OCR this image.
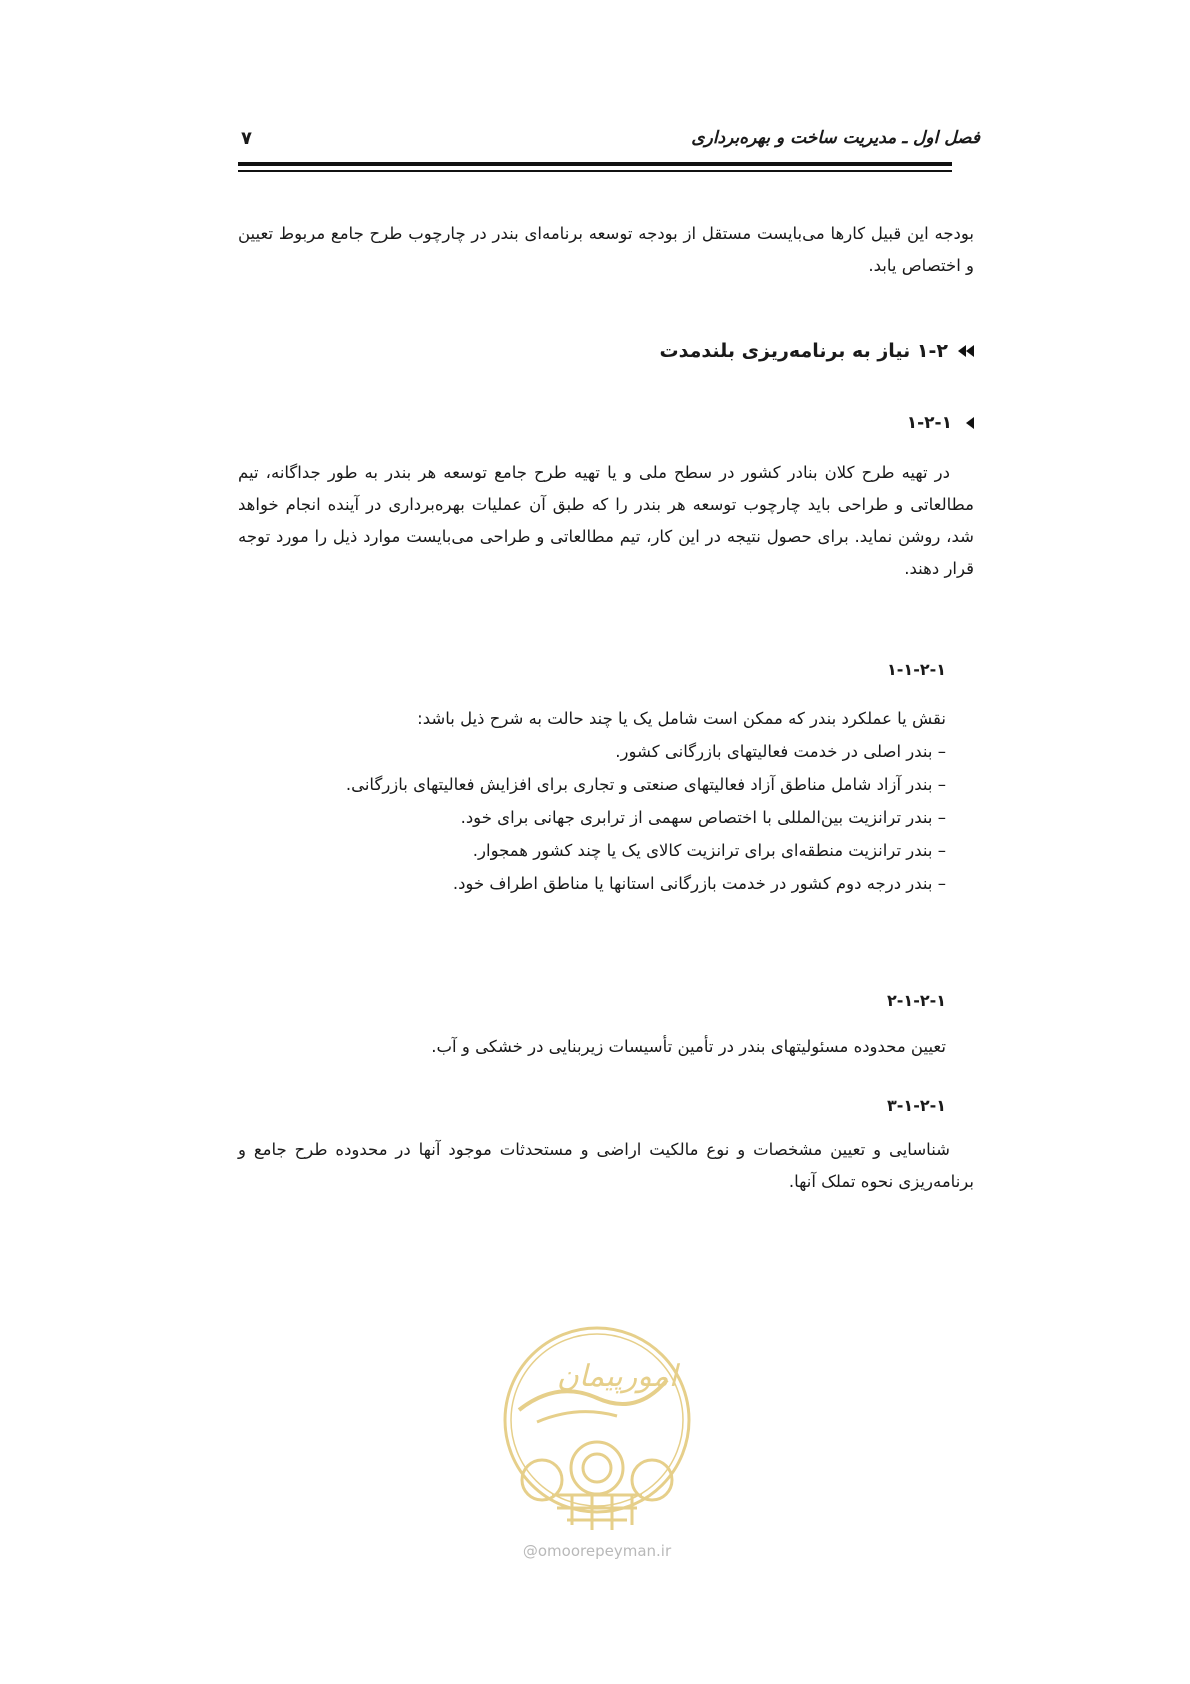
فصل اول ـ مدیریت ساخت و بهره‌برداری
۷
بودجه این قبیل کارها می‌بایست مستقل از بودجه توسعه برنامه‌ای بندر در چارچوب طرح جامع مربوط تعیین و اختصاص یابد.
۱-۲ نیاز به برنامه‌ریزی بلندمدت
۱-۲-۱
در تهیه طرح کلان بنادر کشور در سطح ملی و یا تهیه طرح جامع توسعه هر بندر به طور جداگانه، تیم مطالعاتی و طراحی باید چارچوب توسعه هر بندر را که طبق آن عملیات بهره‌برداری در آینده انجام خواهد شد، روشن نماید. برای حصول نتیجه در این کار، تیم مطالعاتی و طراحی می‌بایست موارد ذیل را مورد توجه قرار دهند.
۱-۱-۲-۱
نقش یا عملکرد بندر که ممکن است شامل یک یا چند حالت به شرح ذیل باشد:
– بندر اصلی در خدمت فعالیتهای بازرگانی کشور.
– بندر آزاد شامل مناطق آزاد فعالیتهای صنعتی و تجاری برای افزایش فعالیتهای بازرگانی.
– بندر ترانزیت بین‌المللی با اختصاص سهمی از ترابری جهانی برای خود.
– بندر ترانزیت منطقه‌ای برای ترانزیت کالای یک یا چند کشور همجوار.
– بندر درجه دوم کشور در خدمت بازرگانی استانها یا مناطق اطراف خود.
۲-۱-۲-۱
تعیین محدوده مسئولیتهای بندر در تأمین تأسیسات زیربنایی در خشکی و آب.
۳-۱-۲-۱
شناسایی و تعیین مشخصات و نوع مالکیت اراضی و مستحدثات موجود آنها در محدوده طرح جامع و برنامه‌ریزی نحوه تملک آنها.
امورپیمان
@omoorepeyman.ir
